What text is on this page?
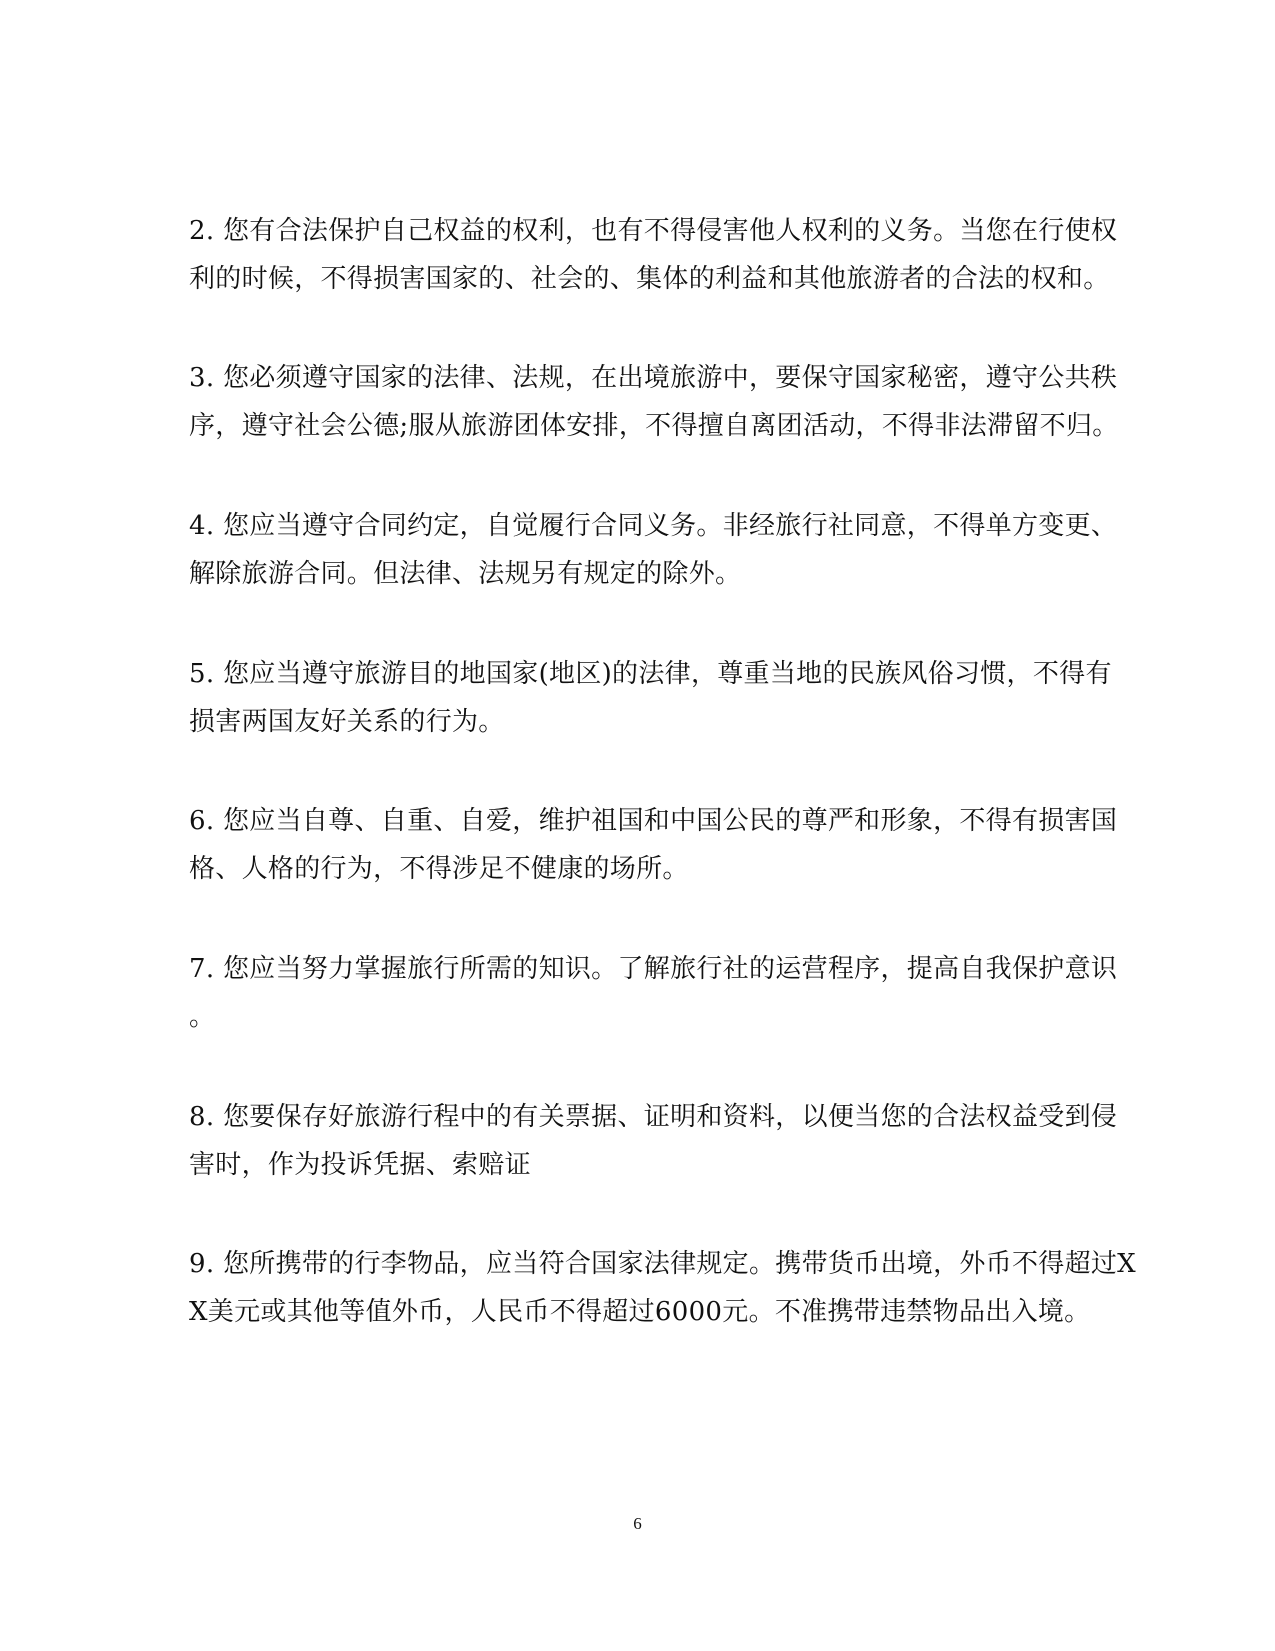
2. 您有合法保护自己权益的权利，也有不得侵害他人权利的义务。当您在行使权
利的时候，不得损害国家的、社会的、集体的利益和其他旅游者的合法的权和。

3. 您必须遵守国家的法律、法规，在出境旅游中，要保守国家秘密，遵守公共秩
序，遵守社会公德;服从旅游团体安排，不得擅自离团活动，不得非法滞留不归。

4. 您应当遵守合同约定，自觉履行合同义务。非经旅行社同意，不得单方变更、
解除旅游合同。但法律、法规另有规定的除外。

5. 您应当遵守旅游目的地国家(地区)的法律，尊重当地的民族风俗习惯，不得有
损害两国友好关系的行为。

6. 您应当自尊、自重、自爱，维护祖国和中国公民的尊严和形象，不得有损害国
格、人格的行为，不得涉足不健康的场所。

7. 您应当努力掌握旅行所需的知识。了解旅行社的运营程序，提高自我保护意识
。

8. 您要保存好旅游行程中的有关票据、证明和资料，以便当您的合法权益受到侵
害时，作为投诉凭据、索赔证

9. 您所携带的行李物品，应当符合国家法律规定。携带货币出境，外币不得超过X
X美元或其他等值外币，人民币不得超过6000元。不准携带违禁物品出入境。

6
